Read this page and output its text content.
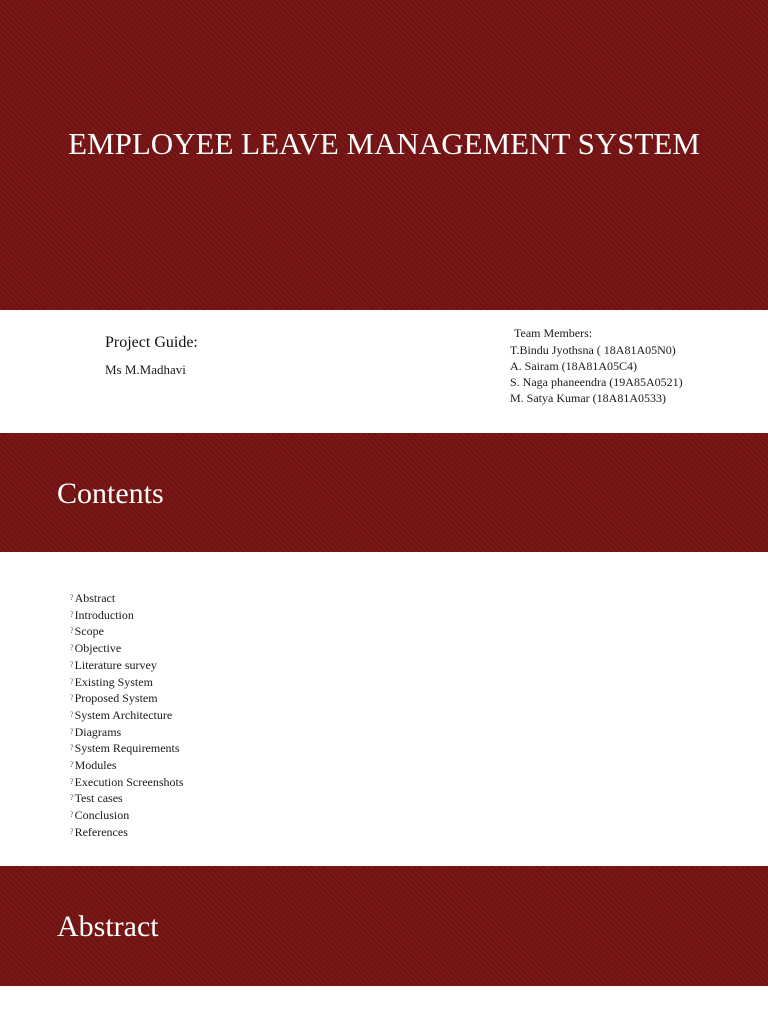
EMPLOYEE LEAVE MANAGEMENT SYSTEM
Project Guide:
Ms M.Madhavi
Team Members:
T.Bindu Jyothsna ( 18A81A05N0)
A. Sairam (18A81A05C4)
S. Naga phaneendra (19A85A0521)
M. Satya Kumar (18A81A0533)
Contents
?Abstract
?Introduction
?Scope
?Objective
?Literature survey
?Existing System
?Proposed System
?System Architecture
?Diagrams
?System Requirements
?Modules
?Execution Screenshots
?Test cases
?Conclusion
?References
Abstract
